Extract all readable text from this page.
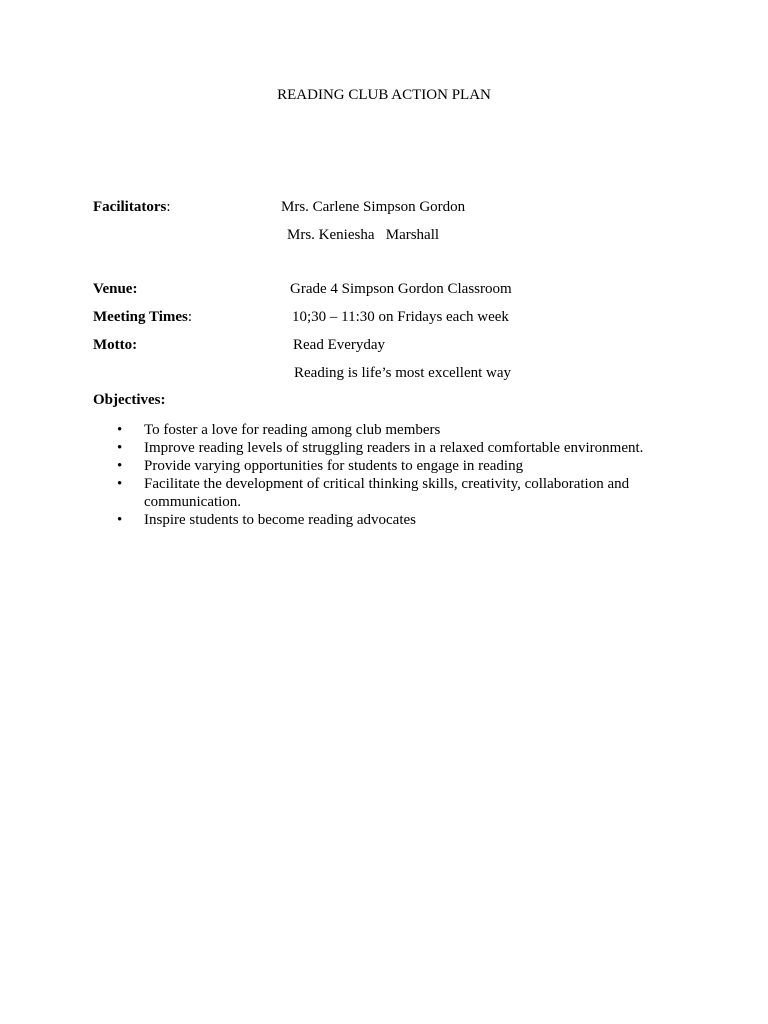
READING CLUB ACTION PLAN
Facilitators:	Mrs. Carlene Simpson Gordon
Mrs. Keniesha   Marshall
Venue:	Grade 4 Simpson Gordon Classroom
Meeting Times:	10;30 – 11:30 on Fridays each week
Motto:	Read Everyday
Reading is life’s most excellent way
Objectives:
• To foster a love for reading among club members
• Improve reading levels of struggling readers in a relaxed comfortable environment.
• Provide varying opportunities for students to engage in reading
• Facilitate the development of critical thinking skills, creativity, collaboration and communication.
• Inspire students to become reading advocates
